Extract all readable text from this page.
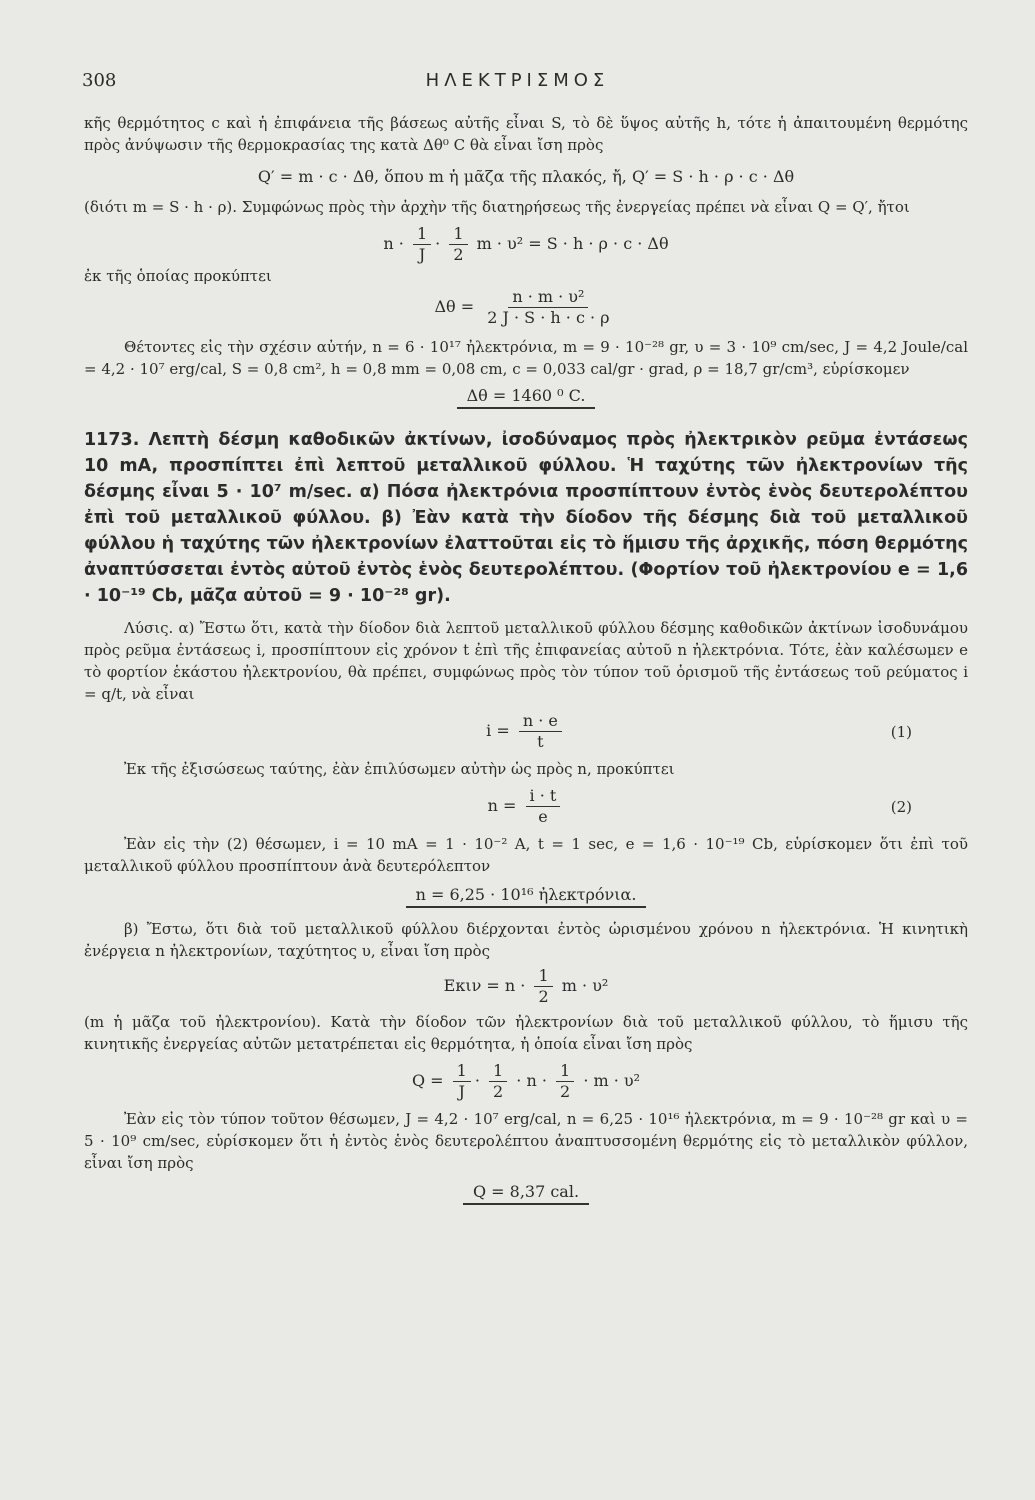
308	ΗΛΕΚΤΡΙΣΜΟΣ

κῆς θερμότητος c καὶ ἡ ἐπιφάνεια τῆς βάσεως αὐτῆς εἶναι S, τὸ δὲ ὕψος αὐτῆς h, τότε ἡ ἀπαιτουμένη θερμότης πρὸς ἀνύψωσιν τῆς θερμοκρασίας της κατὰ Δθ⁰ C θὰ εἶναι ἴση πρὸς

Q′ = m · c · Δθ, ὅπου m ἡ μᾶζα τῆς πλακός, ἤ, Q′ = S · h · ρ · c · Δθ

(διότι m = S · h · ρ). Συμφώνως πρὸς τὴν ἀρχὴν τῆς διατηρήσεως τῆς ἐνεργείας πρέπει νὰ εἶναι Q = Q′, ἤτοι

$n \cdot \frac{1}{J} \cdot \frac{1}{2}$ m · υ² = S · h · ρ · c · Δθ

ἐκ τῆς ὁποίας προκύπτει

$\Delta\theta = \frac{\text{n · m · υ²}}{2 J \cdot S \cdot h \cdot c \cdot \rho}$

Θέτοντες εἰς τὴν σχέσιν αὐτήν, n = 6 · 10¹⁷ ἠλεκτρόνια, m = 9 · 10⁻²⁸ gr, υ = 3 · 10⁹ cm/sec, J = 4,2 Joule/cal = 4,2 · 10⁷ erg/cal, S = 0,8 cm², h = 0,8 mm = 0,08 cm, c = 0,033 cal/gr · grad, ρ = 18,7 gr/cm³, εὑρίσκομεν

Δθ = 1460 ⁰ C.
1173. Λεπτὴ δέσμη καθοδικῶν ἀκτίνων, ἰσοδύναμος πρὸς ἠλεκτρικὸν ρεῦμα ἐντάσεως 10 mA, προσπίπτει ἐπὶ λεπτοῦ μεταλλικοῦ φύλλου. Ἡ ταχύτης τῶν ἠλεκτρονίων τῆς δέσμης εἶναι 5 · 10⁷ m/sec. α) Πόσα ἠλεκτρόνια προσπίπτουν ἐντὸς ἑνὸς δευτερολέπτου ἐπὶ τοῦ μεταλλικοῦ φύλλου. β) Ἐὰν κατὰ τὴν δίοδον τῆς δέσμης διὰ τοῦ μεταλλικοῦ φύλλου ἡ ταχύτης τῶν ἠλεκτρονίων ἐλαττοῦται εἰς τὸ ἥμισυ τῆς ἀρχικῆς, πόση θερμότης ἀναπτύσσεται ἐντὸς αὐτοῦ ἐντὸς ἑνὸς δευτερολέπτου. (Φορτίον τοῦ ἠλεκτρονίου e = 1,6 · 10⁻¹⁹ Cb, μᾶζα αὐτοῦ = 9 · 10⁻²⁸ gr).

Λύσις. α) Ἔστω ὅτι, κατὰ τὴν δίοδον διὰ λεπτοῦ μεταλλικοῦ φύλλου δέσμης καθοδικῶν ἀκτίνων ἰσοδυνάμου πρὸς ρεῦμα ἐντάσεως i, προσπίπτουν εἰς χρόνον t ἐπὶ τῆς ἐπιφανείας αὐτοῦ n ἠλεκτρόνια. Τότε, ἐὰν καλέσωμεν e τὸ φορτίον ἑκάστου ἠλεκτρονίου, θὰ πρέπει, συμφώνως πρὸς τὸν τύπον τοῦ ὁρισμοῦ τῆς ἐντάσεως τοῦ ρεύματος i = q/t, νὰ εἶναι

$i = \frac{n \cdot e}{t}$	(1)

Ἐκ τῆς ἐξισώσεως ταύτης, ἐὰν ἐπιλύσωμεν αὐτὴν ὡς πρὸς n, προκύπτει

$n = \frac{i \cdot t}{e}$	(2)

Ἐὰν εἰς τὴν (2) θέσωμεν, i = 10 mA = 1 · 10⁻² A, t = 1 sec, e = 1,6 · 10⁻¹⁹ Cb, εὑρίσκομεν ὅτι ἐπὶ τοῦ μεταλλικοῦ φύλλου προσπίπτουν ἀνὰ δευτερόλεπτον

n = 6,25 · 10¹⁶ ἠλεκτρόνια.

β) Ἔστω, ὅτι διὰ τοῦ μεταλλικοῦ φύλλου διέρχονται ἐντὸς ὡρισμένου χρόνου n ἠλεκτρόνια. Ἡ κινητικὴ ἐνέργεια n ἠλεκτρονίων, ταχύτητος υ, εἶναι ἴση πρὸς

$E\kappa\iota\nu = n \cdot \frac{1}{2}$ m · υ²

(m ἡ μᾶζα τοῦ ἠλεκτρονίου). Κατὰ τὴν δίοδον τῶν ἠλεκτρονίων διὰ τοῦ μεταλλικοῦ φύλλου, τὸ ἥμισυ τῆς κινητικῆς ἐνεργείας αὐτῶν μετατρέπεται εἰς θερμότητα, ἡ ὁποία εἶναι ἴση πρὸς

$Q = \frac{1}{J} \cdot \frac{1}{2} \cdot n \cdot \frac{1}{2} \cdot m \cdot \upsilon^2$

Ἐὰν εἰς τὸν τύπον τοῦτον θέσωμεν, J = 4,2 · 10⁷ erg/cal, n = 6,25 · 10¹⁶ ἠλεκτρόνια, m = 9 · 10⁻²⁸ gr καὶ υ = 5 · 10⁹ cm/sec, εὑρίσκομεν ὅτι ἡ ἐντὸς ἑνὸς δευτερολέπτου ἀναπτυσσομένη θερμότης εἰς τὸ μεταλλικὸν φύλλον, εἶναι ἴση πρὸς

Q = 8,37 cal.
